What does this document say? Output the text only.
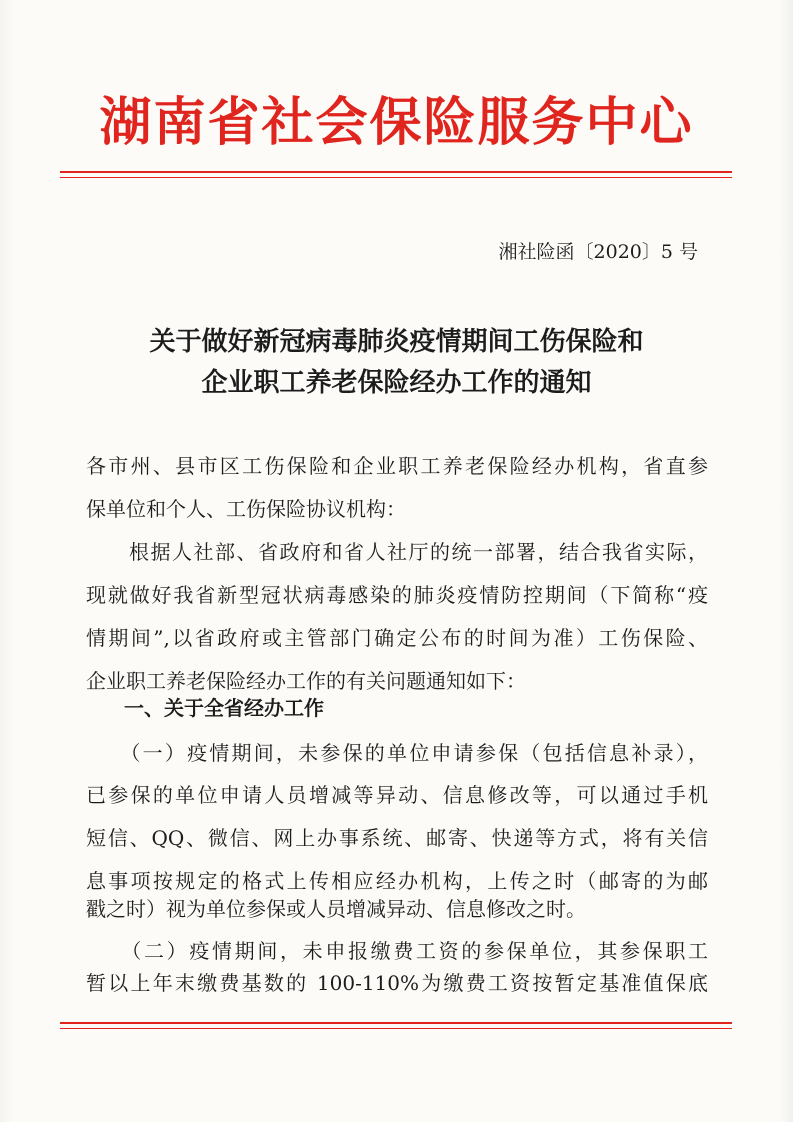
湖南省社会保险服务中心
湘社险函〔2020〕5 号
关于做好新冠病毒肺炎疫情期间工伤保险和
企业职工养老保险经办工作的通知
各市州、县市区工伤保险和企业职工养老保险经办机构，省直参
保单位和个人、工伤保险协议机构：
　　根据人社部、省政府和省人社厅的统一部署，结合我省实际，
现就做好我省新型冠状病毒感染的肺炎疫情防控期间（下简称“疫
情期间”,以省政府或主管部门确定公布的时间为准）工伤保险、
企业职工养老保险经办工作的有关问题通知如下：
一、关于全省经办工作
　　（一）疫情期间，未参保的单位申请参保（包括信息补录），
已参保的单位申请人员增减等异动、信息修改等，可以通过手机
短信、QQ、微信、网上办事系统、邮寄、快递等方式，将有关信
息事项按规定的格式上传相应经办机构，上传之时（邮寄的为邮
戳之时）视为单位参保或人员增减异动、信息修改之时。
　　（二）疫情期间，未申报缴费工资的参保单位，其参保职工
暂以上年末缴费基数的 100-110%为缴费工资按暂定基准值保底
